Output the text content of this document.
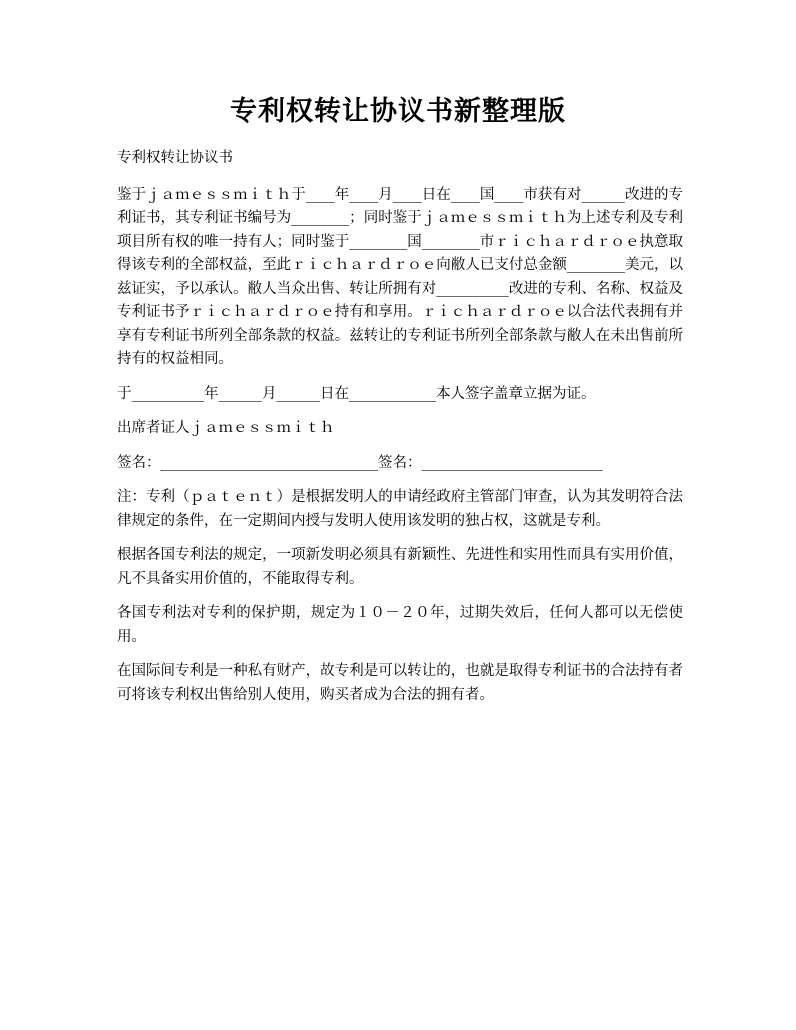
专利权转让协议书新整理版

专利权转让协议书

鉴于ｊａｍｅｓｓｍｉｔｈ于____年____月____日在____国____市获有对______改进的专利证书，其专利证书编号为________；同时鉴于ｊａｍｅｓｓｍｉｔｈ为上述专利及专利项目所有权的唯一持有人；同时鉴于________国________市ｒｉｃｈａｒｄｒｏｅ执意取得该专利的全部权益，至此ｒｉｃｈａｒｄｒｏｅ向敝人已支付总金额________美元，以兹证实，予以承认。敝人当众出售、转让所拥有对__________改进的专利、名称、权益及专利证书予ｒｉｃｈａｒｄｒｏｅ持有和享用。ｒｉｃｈａｒｄｒｏｅ以合法代表拥有并享有专利证书所列全部条款的权益。兹转让的专利证书所列全部条款与敝人在未出售前所持有的权益相同。

于__________年______月______日在____________本人签字盖章立据为证。

出席者证人ｊａｍｅｓｓｍｉｔｈ

签名：______________________________签名：_________________________

注：专利（ｐａｔｅｎｔ）是根据发明人的申请经政府主管部门审查，认为其发明符合法律规定的条件，在一定期间内授与发明人使用该发明的独占权，这就是专利。

根据各国专利法的规定，一项新发明必须具有新颖性、先进性和实用性而具有实用价值，凡不具备实用价值的，不能取得专利。

各国专利法对专利的保护期，规定为１０－２０年，过期失效后，任何人都可以无偿使用。

在国际间专利是一种私有财产，故专利是可以转让的，也就是取得专利证书的合法持有者可将该专利权出售给别人使用，购买者成为合法的拥有者。
